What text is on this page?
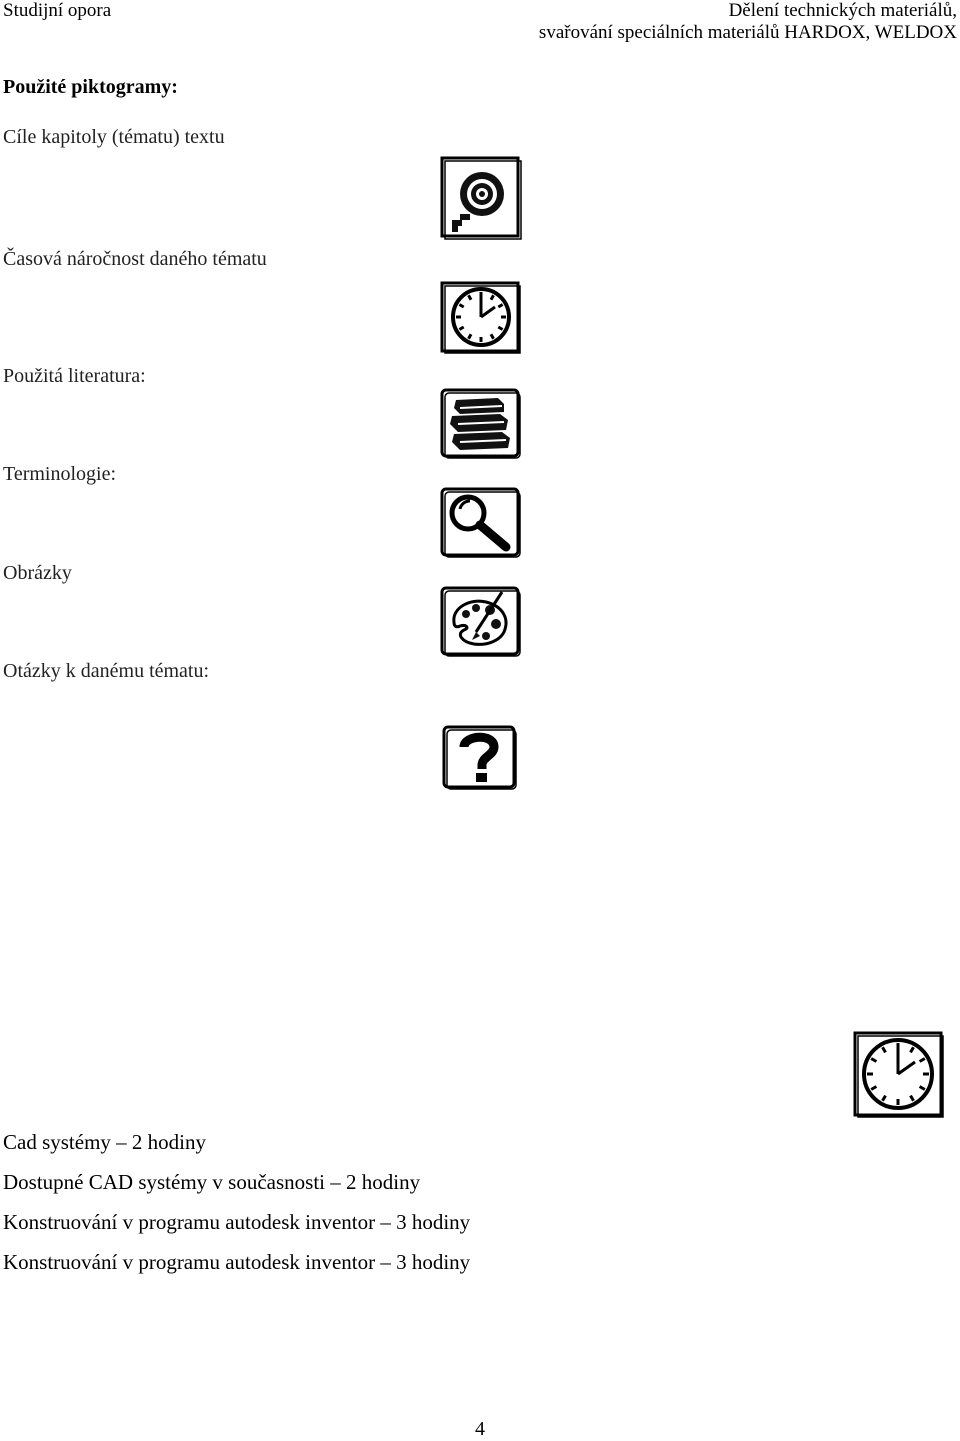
Studijní opora	Dělení technických materiálů,
svařování speciálních materiálů HARDOX, WELDOX
Použité piktogramy:
Cíle kapitoly (tématu) textu
Časová náročnost daného tématu
Použitá literatura:
Terminologie:
Obrázky
Otázky k danému tématu:
Cad systémy – 2 hodiny
Dostupné CAD systémy v současnosti – 2 hodiny
Konstruování v programu autodesk inventor – 3 hodiny
Konstruování v programu autodesk inventor – 3 hodiny
4
